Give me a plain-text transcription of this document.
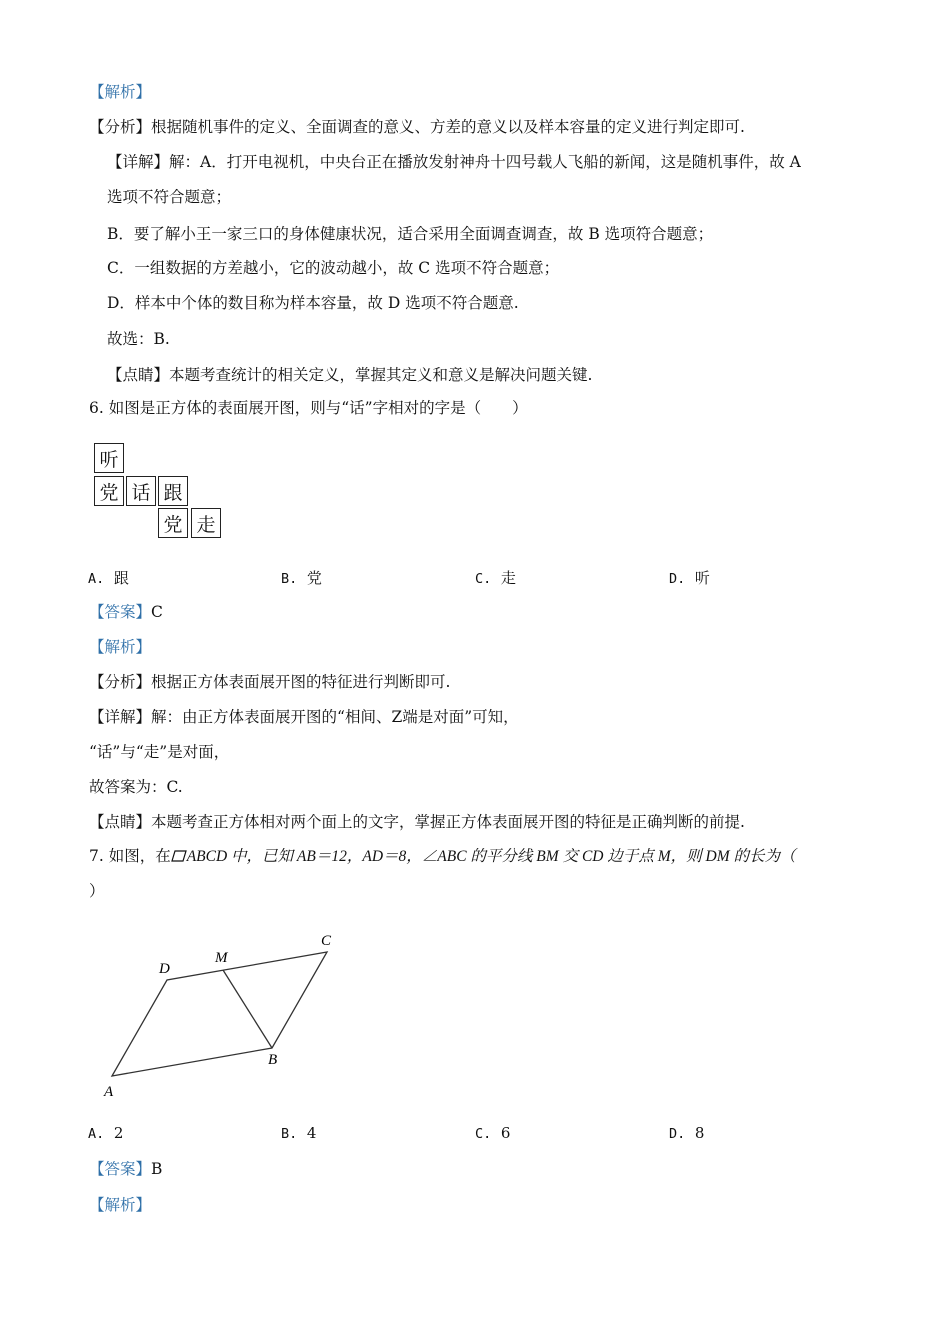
【解析】
【分析】根据随机事件的定义、全面调查的意义、方差的意义以及样本容量的定义进行判定即可.
【详解】解：A．打开电视机，中央台正在播放发射神舟十四号载人飞船的新闻，这是随机事件，故 A
选项不符合题意；
B．要了解小王一家三口的身体健康状况，适合采用全面调查调查，故 B 选项符合题意；
C．一组数据的方差越小，它的波动越小，故 C 选项不符合题意；
D．样本中个体的数目称为样本容量，故 D 选项不符合题意.
故选：B.
【点睛】本题考查统计的相关定义，掌握其定义和意义是解决问题关键.
6. 如图是正方体的表面展开图，则与“话”字相对的字是（　　）
听
党 话 跟
党 走
A. 跟	B. 党	C. 走	D. 听
【答案】C
【解析】
【分析】根据正方体表面展开图的特征进行判断即可.
【详解】解：由正方体表面展开图的“相间、Z端是对面”可知，
“话”与“走”是对面，
故答案为：C.
【点睛】本题考查正方体相对两个面上的文字，掌握正方体表面展开图的特征是正确判断的前提.
7. 如图，在 ABCD 中，已知 AB＝12，AD＝8，∠ABC 的平分线 BM 交 CD 边于点 M，则 DM 的长为（
）
A
B
C
D
M
A. 2	B. 4	C. 6	D. 8
【答案】B
【解析】
